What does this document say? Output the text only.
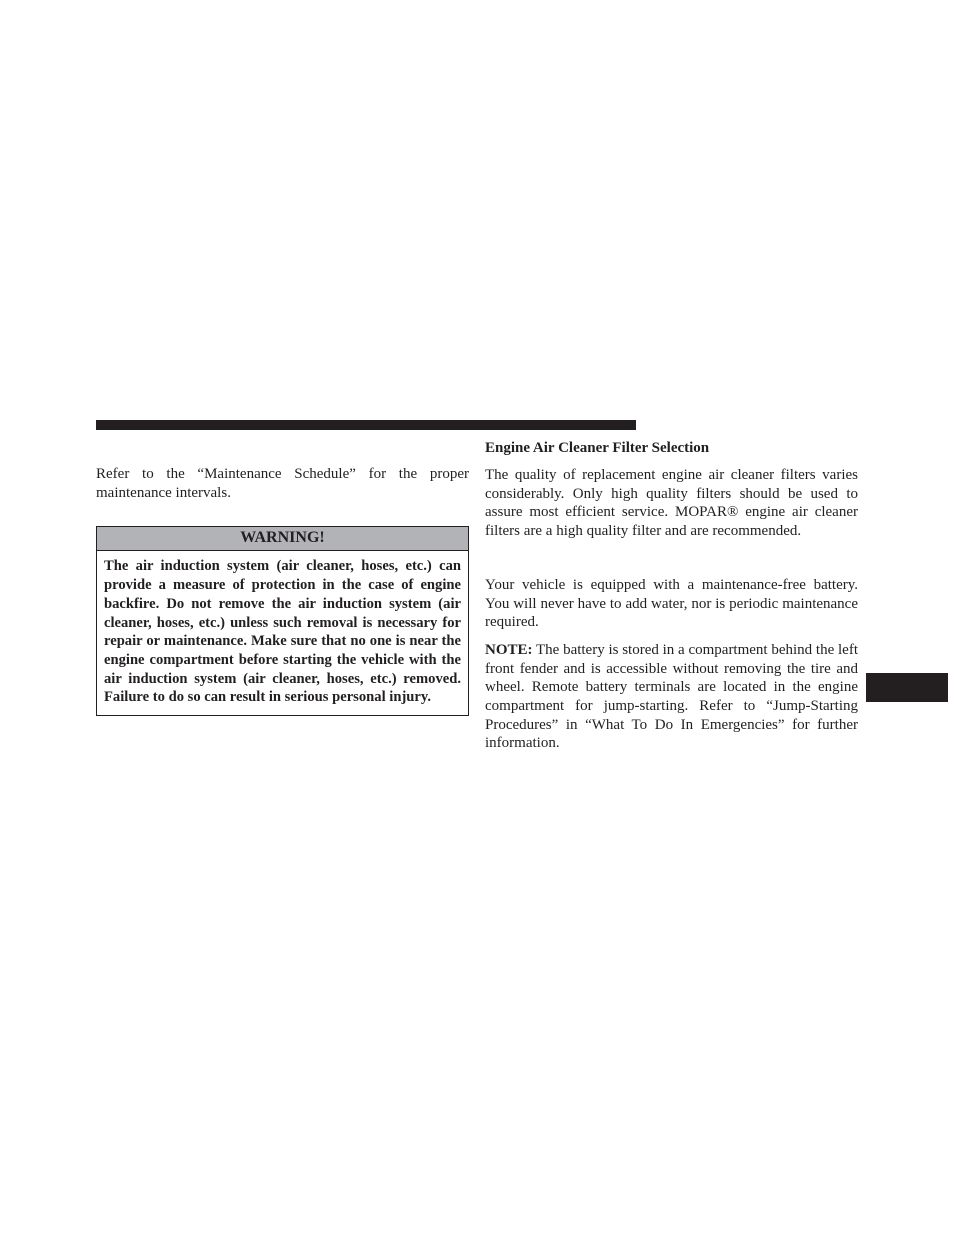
Refer to the “Maintenance Schedule” for the proper maintenance intervals.

WARNING!
The air induction system (air cleaner, hoses, etc.) can provide a measure of protection in the case of engine backfire. Do not remove the air induction system (air cleaner, hoses, etc.) unless such removal is necessary for repair or maintenance. Make sure that no one is near the engine compartment before starting the vehicle with the air induction system (air cleaner, hoses, etc.) removed. Failure to do so can result in serious personal injury.
Engine Air Cleaner Filter Selection

The quality of replacement engine air cleaner filters varies considerably. Only high quality filters should be used to assure most efficient service. MOPAR® engine air cleaner filters are a high quality filter and are recommended.

Your vehicle is equipped with a maintenance-free battery. You will never have to add water, nor is periodic maintenance required.

NOTE: The battery is stored in a compartment behind the left front fender and is accessible without removing the tire and wheel. Remote battery terminals are located in the engine compartment for jump-starting. Refer to “Jump-Starting Procedures” in “What To Do In Emergencies” for further information.
